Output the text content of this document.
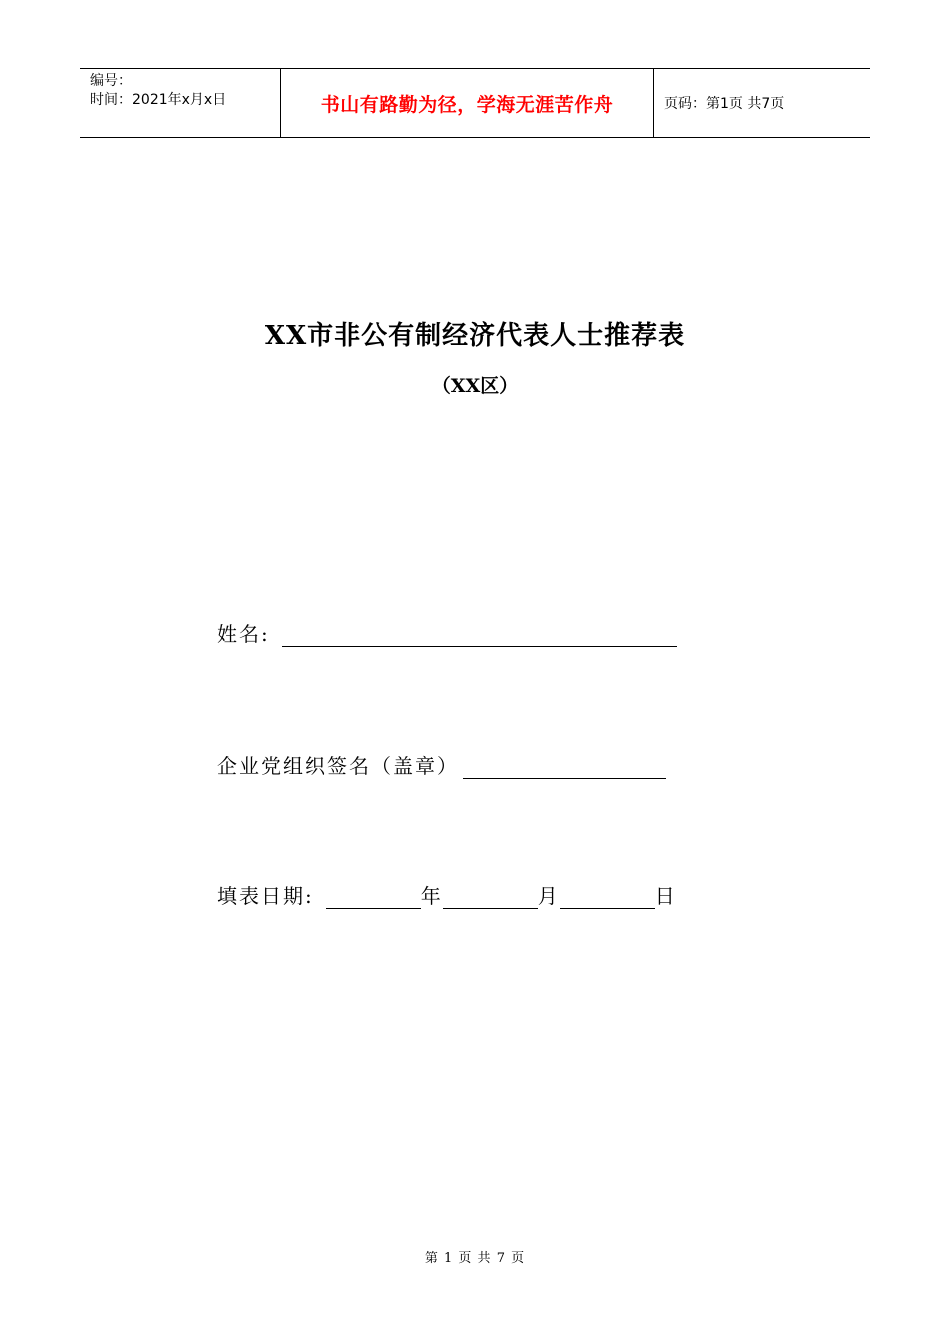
编号：
时间：2021年x月x日	书山有路勤为径，学海无涯苦作舟	页码：第1页 共7页
XX市非公有制经济代表人士推荐表
（XX区）
姓名:
企业党组织签名（盖章）
填表日期:	年	月	日
第 1 页 共 7 页
